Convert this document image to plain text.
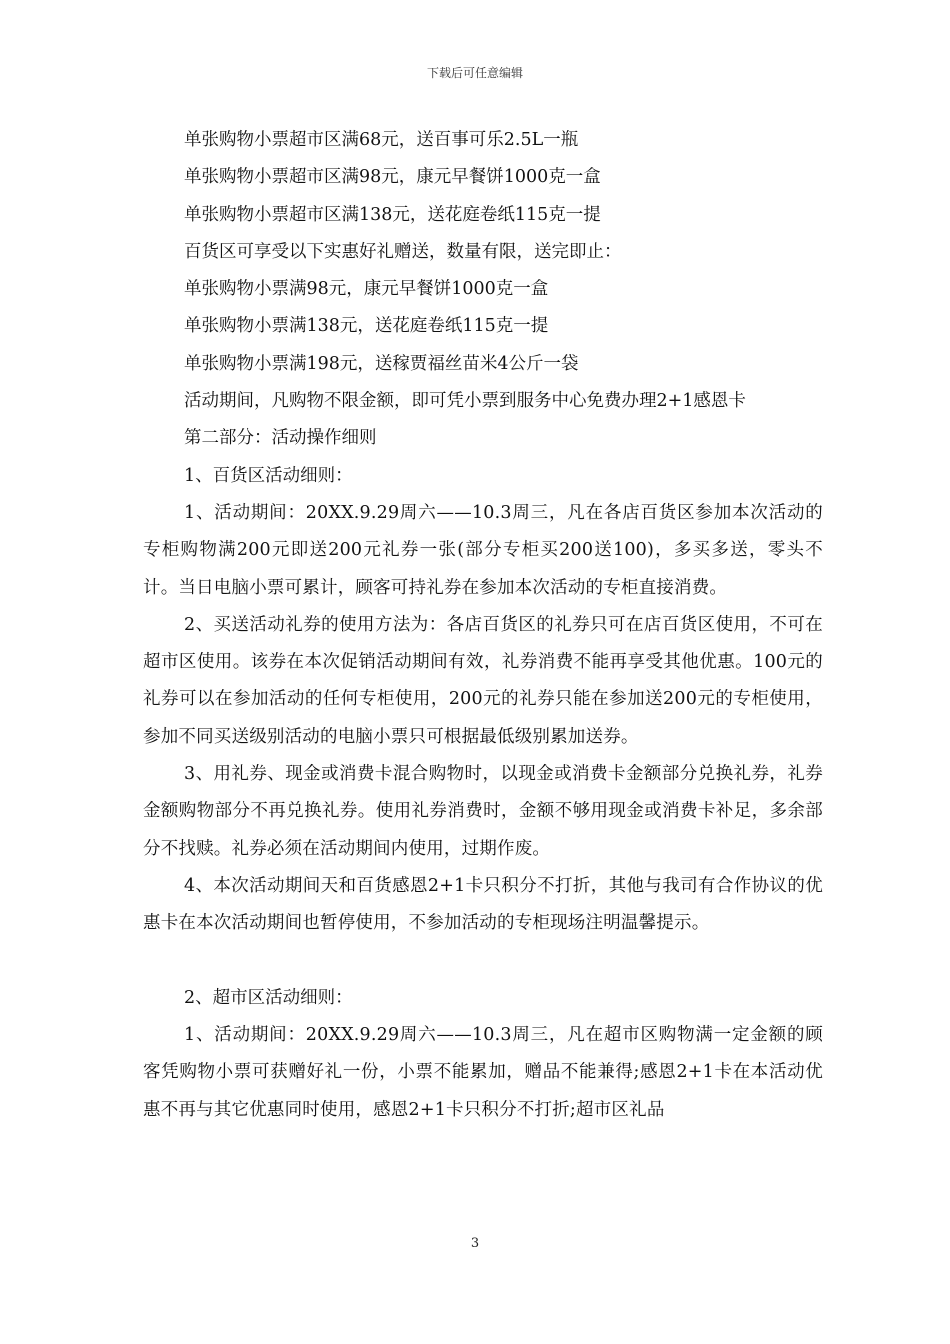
下载后可任意编辑
单张购物小票超市区满68元，送百事可乐2.5L一瓶
单张购物小票超市区满98元，康元早餐饼1000克一盒
单张购物小票超市区满138元，送花庭卷纸115克一提
百货区可享受以下实惠好礼赠送，数量有限，送完即止：
单张购物小票满98元，康元早餐饼1000克一盒
单张购物小票满138元，送花庭卷纸115克一提
单张购物小票满198元，送稼贾福丝苗米4公斤一袋
活动期间，凡购物不限金额，即可凭小票到服务中心免费办理2+1感恩卡
第二部分：活动操作细则
1、百货区活动细则：

1、活动期间：20XX.9.29周六——10.3周三，凡在各店百货区参加本次活动的专柜购物满200元即送200元礼券一张(部分专柜买200送100)，多买多送，零头不计。当日电脑小票可累计，顾客可持礼券在参加本次活动的专柜直接消费。

2、买送活动礼券的使用方法为：各店百货区的礼券只可在店百货区使用，不可在超市区使用。该券在本次促销活动期间有效，礼券消费不能再享受其他优惠。100元的礼券可以在参加活动的任何专柜使用，200元的礼券只能在参加送200元的专柜使用，参加不同买送级别活动的电脑小票只可根据最低级别累加送券。

3、用礼券、现金或消费卡混合购物时，以现金或消费卡金额部分兑换礼券，礼券金额购物部分不再兑换礼券。使用礼券消费时，金额不够用现金或消费卡补足，多余部分不找赎。礼券必须在活动期间内使用，过期作废。

4、本次活动期间天和百货感恩2+1卡只积分不打折，其他与我司有合作协议的优惠卡在本次活动期间也暂停使用，不参加活动的专柜现场注明温馨提示。

2、超市区活动细则：

1、活动期间：20XX.9.29周六——10.3周三，凡在超市区购物满一定金额的顾客凭购物小票可获赠好礼一份，小票不能累加，赠品不能兼得;感恩2+1卡在本活动优惠不再与其它优惠同时使用，感恩2+1卡只积分不打折;超市区礼品

3
